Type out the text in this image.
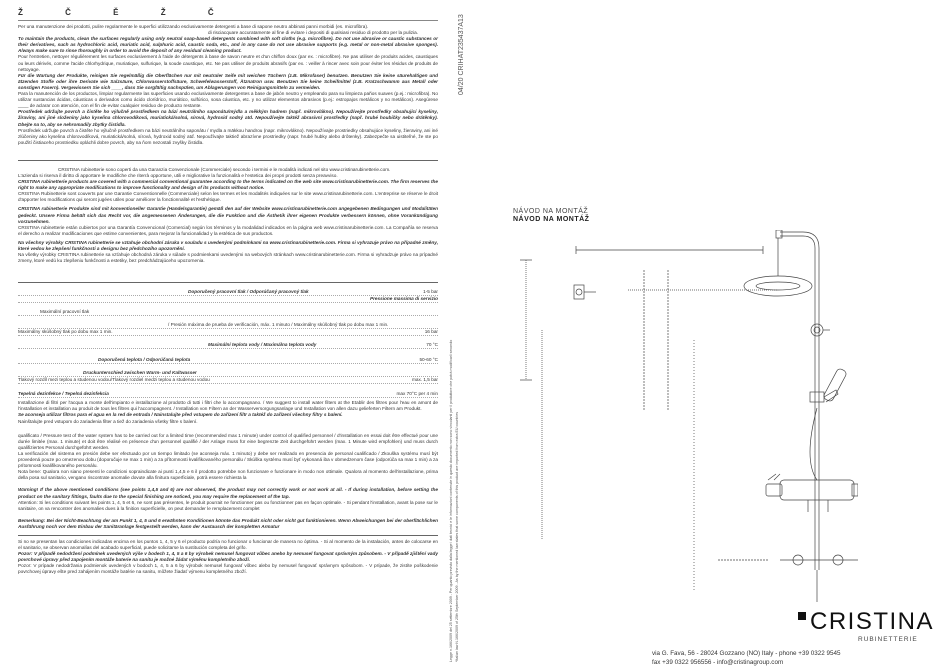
Ž	Č	Ě	Ž	Č

Per una manutenzione dei prodotti, pulire regolarmente le superfici utilizzando esclusivamente detergenti a base di sapone neutro abbinati panni morbidi (es. microfibra).

di risciacquare accuratamente al fine di evitare i depositi di qualsiasi residuo di prodotto per la pulizia.

To maintain the products, clean the surfaces regularly using only neutral soap-based detergents combined with soft cloths (e.g. microfibre). Do not use abrasive or caustic substances or their derivatives, such as hydrochloric acid, muriatic acid, sulphuric acid, caustic soda, etc., and in any case do not use abrasive supports (e.g. metal or non-metal abrasive sponges). Always make sure to rinse thoroughly in order to avoid the deposit of any residual cleaning product.

Pour l'entretien, nettoyer régulièrement les surfaces exclusivement à l'aide de détergents à base de savon neutre et d'un chiffon doux (par ex. : microfibre). Ne pas utiliser de produits acides, caustiques ou leurs dérivés, comme l'acide chlorhydrique, muriatique, sulfurique, la soude caustique, etc. Ne pas utiliser de produits abrasifs (par ex. : veiller à rincer avec soin pour éviter les résidus de produits de nettoyage.

Für die Wartung der Produkte, reinigen Sie regelmäßig die Oberflächen nur mit neutraler Seife mit weichen Tüchern (z.B. Mikrofaser) benutzen. Benutzen Sie keine säurehaltigen und ätzenden Stoffe oder ihre Derivate wie Salzsäure, Chlorwasserstoffsäure, Schwefelwasserstoff, Ätznatron usw. Benutzen Sie keine Scheifmittel (z.B. Kratzschwamm aus Metall oder sonstigen Fasern). Vergewissern Sie sich ____, dass Sie sorgfältig nachspülen, um Ablagerungen von Reinigungsmitteln zu vermeiden.

Para la manutención de los productos, limpiar regularmente las superficies usando exclusivamente detergentes a base de jabón neutro y empleando para su limpieza paños suaves (p.ej.: microfibra). No utilizar sustancias ácidas, cáusticas o derivados como ácido clorídrico, muriático, sulfúrico, sosa cáustica, etc. y no utilizar elementos abrasivos (p.ej.: estropajos metálicos y no metálicos). Asegúrese ____ de aclarar con atención, con el fin de evitar cualquier residuo de producto restante.

Prostředek udržujte povrch a čistěte ho výlučně prostředkem na bázi neutrálního saponátu/mýdla a měkkým hadrem (např. mikrovlákno). Nepoužívejte prostředky obsahující kyseliny, žíraviny, ani jiné složeniny jako kyselina chlorovodíková, muriatická/solná, sírová, hydroxid sodný atd. Nepoužívejte taktéž abrasivní prostředky (např. hrubé houbičky nebo drátěnky). Dbejte na to, aby se nehromadily zbytky čistidla.

Prostředek udržujte povrch a čistěte ho výlučně prostředkem na bázi neutrálního saponátu / mydla a mäkkou handrou (napr. mikrovlákno). Nepoužívajte prostriedky obsahujúce kyseliny, žieraviny, ani iné zlúčeniny ako kyselina chlorovodíková, muriatická/solná, sírová, hydroxid sodný atď. Nepoužívajte taktiež abrazívne prostriedky (napr. hrubé hubky alebo drôtenky). Zabezpečte sa uistiteľné, že ste po použití čistiaceho prostriedku opláchli dobre povrch, aby na ňom nezostali zvyšky čistidla.

CRISTINA rubinetterie sono coperti da una Garanzia Convenzionale (Commerciale) secondo i termini e le modalità indicati nel sito www.cristinarubinetterie.com.

L'azienda si riserva il diritto di apportare le modifiche che riterrà opportune, utili e migliorative la funzionalità e l'estetica dei propri prodotti senza preavviso.

CRISTINA rubinetterie products are covered with a commercial conventional guarantee according to the terms indicated on the web site www.cristinarubinetterie.com. The firm reserves the right to make any appropriate modifications to improve functionality and design of its products without notice.

CRISTINA Rubinetterie sont couverts par une Garantie Conventionnelle (Commerciale) selon les termes et les modalités indiquées sur le site www.cristinarubinetterie.com. L'entreprise se réserve le droit d'apporter les modifications qui seront jugées utiles pour améliorer la fonctionnalité et l'esthétique.

CRISTINA rubinetterie Produkte sind mit konventioneller Garantie (Handelsgarantie) gemäß den auf der Website www.cristinarubinetterie.com angegebenen Bedingungen und Modalitäten gedeckt. Unsere Firma behält sich das Recht vor, die angemessenen Änderungen, die die Funktion und die Ästhetik ihrer eigenen Produkte verbessern können, ohne Vorankündigung vorzunehmen.

CRISTINA rubinetterie están cubiertos por una Garantía Convencional (Comercial) según los términos y la modalidad indicados en la página web www.cristinarubinetterie.com. La Compañía se reserva el derecho a realizar modificaciones que estime convenientes, para mejorar la funcionalidad y la estética de sus productos.

Na všechny výrobky CRISTINA rubinetterie se vztahuje obchodní záruka v souladu s uvedenými podmínkami na www.cristinarubinetterie.com. Firma si vyhrazuje právo na případné změny, které vedou ke zlepšení funkčnosti a designu bez předchozího upozornění.

Na všetky výrobky CRISTINA rubinetterie sa vzťahuje obchodná záruka v súlade s podmienkami uvedenými na webových stránkach www.cristinarubinetterie.com. Firma si vyhradzuje právo na prípadné zmeny, ktoré vedú ku zlepšeniu funkčnosti a estetiky, bez predchádzajúceho upozornenia.

Doporučený pracovní tlak / Odporúčaný pracovný tlak	1-5 bar
Pressione massima di servizio
Maximální pracovní tlak
/ Presión máxima de prueba de verificación, máx. 1 minuto / Maximálny skúšobný tlak po dobu max 1 min.
Maximálny skúšobný tlak po dobu max 1 min.	16 bar
Maximální teplota vody / Maximálna teplota vody	70 °C
Doporučená teplota / Odporúčaná teplota	50-60 °C
Druckunterschied zwischen Warm- und Kaltwasser
Tlakový rozdíl mezi teplou a studenou vodou/Tlakový rozdiel medzi teplou a studenou vodou	max. 1,5 bar
Tepelná dezinfekce / Tepelná dezinfekcia	max 70°C per 4 min

Installazione di filtri per l'acqua a monte dell'impianto e installazione al prodotto di tutti i filtri che lo accompagnano. / We suggest to install water filters at the Etablir des filtres pour l'eau en amont de l'installation et installation au produit de tous les filtres qui l'accompagnent. / Installation von Filtern an der Wasserversorgungsanlage und Installation von allen dazu gelieferten Filtern am Produkt.

Se aconseja utilizar filtros para el agua en la red de entrada / Nainstalujte před vstupem do zařízení filtr a taktéž do zařízení všechny filtry s balení.

Nainštalujte pred vstupom do zariadenia filter a tiež do zariadenia všetky filtre s balení.

qualificato / Pressure test of the water system has to be carried out for a limited time (recommended max 1 minute) under control of qualified personnel / d'installation en essai doit être effectué pour une durée limitée (max. 1 minute) et doit être réalisé en présence d'un personnel qualifié / der Anlage muss für eine begrenzte Zeit durchgeführt werden (max. 1 Minute wird empfohlen) und muss durch qualifiziertes Personal durchgeführt werden.

La verificación del sistema en presión debe ser efectuado por un tiempo limitado (se aconseja máx. 1 minuto) y debe ser realizado en presencia de personal cualificado / Zkouška systému musí být provedená pouze po omezenou dobu (doporučuje se max 1 min) a za přítomnosti kvalifikovaného personálu / Skúška systému musí byť vykonaná iba v obmedzenom čase (odporúča sa max 1 min) a za prítomnosti kvalifikovaného personálu.

Nota bene: Qualora non siano presenti le condizioni sopraindicate ai punti 1,4,5 e 6 il prodotto potrebbe non funzionare e funzionare in modo non ottimale. Qualora al momento dell'installazione, prima della posa sul sanitario, vengano riscontrate anomalie dovute alla finitura superficiale, potrà essere richiesta la

Warning! If the above mentioned conditions (see points 1,4,5 and 6) are not observed, the product may not correctly work or not work at all. - If during installation, before setting the product on the sanitary fittings, faults due to the special finishing are noticed, you may require the replacement of the tap.

Attention: Si les conditions suivant les points 1, 4, 5 et 6, ne sont pas présentes, le produit pourrait ne fonctionner pas ou fonctionner pas en façon optimale. - Si pendant l'installation, avant la pose sur le sanitaire, on va rencontrer des anomalies dues à la finition superficielle, on peut demander le remplacement complet

Bemerkung: Bei der Nicht-Beachtung der am Punkt 1, 4, 5 und 6 erwähnten Konditionen könnte das Produkt nicht oder nicht gut funktionieren. Wenn Abweichungen bei der oberflächlichen Ausführung noch vor dem Einbau der Sanitäranlage festgestellt werden, kann der Austausch der kompletten Armatur

Si no se presentan las condiciones indicadas encima en los puntos 1, 4, 5 y 6 el producto podría no funcionar o funcionar de manera no óptima. - Si al momento de la instalación, antes de colocarse en el sanitario, se observan anomalías del acabado superficial, puede solicitarse la sustitución completa del grifo.

Pozor: V případě nedodržení podmínek uvedených výše v bodech 1, 4, 5 a 6 by výrobek nemusel fungovat vůbec anebo by nemusel fungovat správným způsobem. - V případě zjištění vady povrchové úpravy před zapojením montáže baterie na sanitu je možné žádat výměnu kompletního zboží.

Pozor: V prípade nedodržania podmienok uvedených v bodoch 1, 4, 5 a 6 by výrobok nemusel fungovať vôbec alebo by nemusel fungovať správnym spôsobom. - V prípade, že zistíte poškodenie povrchovej úpravy ešte pred zahájením montáže batérie na sanitu, môžete žiadať výmenu kompletného zboží.

04/20 CRIHAT235437A13
Legge n.166/2009 del 25 settembre 2009 - Per quanto previsto dalla legge i dati tecnici e le informazioni contenute in questo documento non sono vincolanti per il produttore che potrà modificarli secondo *Italian law N.166/2009 of 25th September 2009 - As by the mentioned law states that some components of this product are imported from extra EU countries
NÁVOD NA MONTÁŽ
NÁVOD NA MONTÁŽ
CRISTINA
RUBINETTERIE
via G. Fava, 56 - 28024 Gozzano (NO) Italy - phone +39 0322 9545
fax +39 0322 956556 - info@cristinagroup.com
